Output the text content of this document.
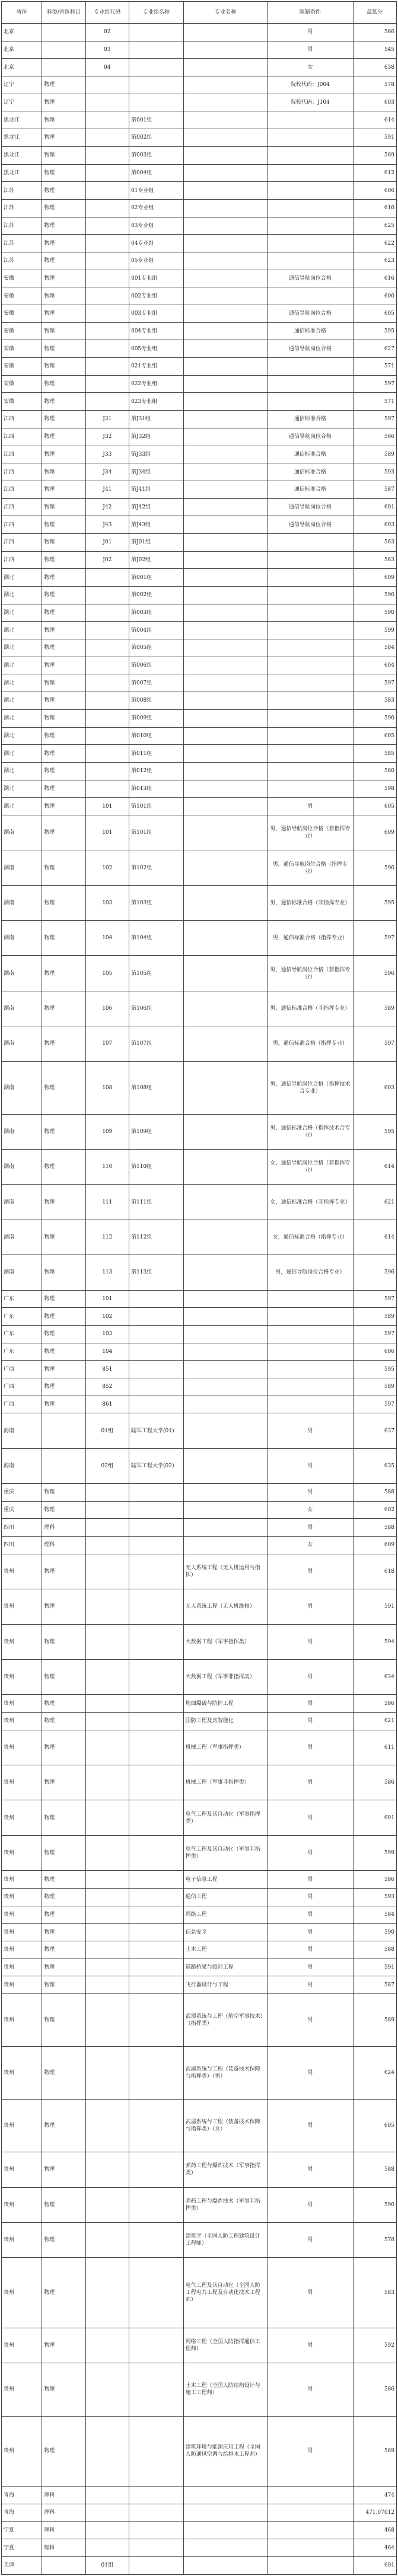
省份	科类/首选科目	专业组代码	专业组名称	专业名称	限制条件	最低分
北京		02			男	566
北京		03			男	545
北京		04			女	638
辽宁	物理				院校代码：J004	578
辽宁	物理				院校代码：J104	603
黑龙江	物理		第001组			614
黑龙江	物理		第002组			591
黑龙江	物理		第003组			569
黑龙江	物理		第004组			612
江苏	物理		01专业组			606
江苏	物理		02专业组			610
江苏	物理		03专业组			625
江苏	物理		04专业组			622
江苏	物理		05专业组			623
安徽	物理		001专业组		通信导航岗位合格	616
安徽	物理		002专业组			600
安徽	物理		003专业组		通信导航岗位合格	605
安徽	物理		004专业组		通信标准合格	595
安徽	物理		005专业组		通信导航岗位合格	627
安徽	物理		021专业组			571
安徽	物理		022专业组			597
安徽	物理		023专业组			571
江西	物理	J31	第J31组		通信标准合格	597
江西	物理	J32	第J32组		通信导航岗位合格	566
江西	物理	J33	第J33组		通信标准合格	589
江西	物理	J34	第J34组		通信标准合格	593
江西	物理	J41	第J41组		通信标准合格	587
江西	物理	J42	第J42组		通信导航岗位合格	601
江西	物理	J43	第J43组		通信导航岗位合格	603
江西	物理	J01	第J01组			563
江西	物理	J02	第J02组			563
湖北	物理		第001组			609
湖北	物理		第002组			596
湖北	物理		第003组			590
湖北	物理		第004组			599
湖北	物理		第005组			584
湖北	物理		第006组			604
湖北	物理		第007组			597
湖北	物理		第008组			583
湖北	物理		第009组			590
湖北	物理		第010组			605
湖北	物理		第011组			585
湖北	物理		第012组			580
湖北	物理		第013组			598
湖北	物理	101	第101组		男	605
湖南	物理	101	第101组		男，通信导航岗位合格（非指挥专业）	609
湖南	物理	102	第102组		男，通信导航岗位合格（指挥专业）	596
湖南	物理	103	第103组		男，通信标准合格（非指挥专业）	595
湖南	物理	104	第104组		男，通信标准合格（指挥专业）	597
湖南	物理	105	第105组		男，通信导航岗位合格（非指挥专业）	596
湖南	物理	106	第106组		男，通信标准合格（非指挥专业）	589
湖南	物理	107	第107组		男，通信标准合格（指挥专业）	597
湖南	物理	108	第108组		男，通信导航岗位合格（指挥技术合专业）	603
湖南	物理	109	第109组		男，通信标准合格（指挥技术合专业）	595
湖南	物理	110	第110组		女，通信导航岗位合格（非指挥专业）	614
湖南	物理	111	第111组		女，通信标准合格（非指挥专业）	621
湖南	物理	112	第112组		女，通信标准合格（指挥专业）	614
湖南	物理	113	第113组		男，通信导航岗位合格专业）	596
广东	物理	101				597
广东	物理	102				589
广东	物理	103				597
广东	物理	104				606
广西	物理	851				595
广西	物理	852				589
广西	物理	861				597
海南		01组	陆军工程大学(01)		男	637
海南		02组	陆军工程大学(02)		男	635
重庆	物理				男	588
重庆	物理				女	602
四川	理科				男	588
四川	理科				女	609
贵州	物理			无人系统工程（无人机运用与指挥）	男	618
贵州	物理			无人系统工程（无人机维修）	男	591
贵州	物理			大数据工程（军事指挥类）	男	594
贵州	物理			大数据工程（军事非指挥类）	男	634
贵州	物理			地面爆破与防护工程	男	586
贵州	物理			国防工程及其智能化	男	621
贵州	物理			机械工程（军事指挥类）	男	611
贵州	物理			机械工程（军事非指挥类）	男	586
贵州	物理			电气工程及其自动化（军事指挥类）	男	601
贵州	物理			电气工程及其自动化（军事非指挥类）	男	599
贵州	物理			电子信息工程	男	586
贵州	物理			通信工程	男	593
贵州	物理			网络工程	男	584
贵州	物理			信息安全	男	590
贵州	物理			土木工程	男	588
贵州	物理			道路桥梁与渡河工程	男	591
贵州	物理			飞行器设计与工程	男	587
贵州	物理			武器系统与工程（航空军事技术）（指挥类）	男	589
贵州	物理			武器系统与工程（装备技术保障与指挥类）（男）	男	624
贵州	物理			武器系统与工程（装备技术保障与指挥类）（女）	男	605
贵州	物理			弹药工程与爆炸技术（军事指挥类）	男	588
贵州	物理			弹药工程与爆炸技术（军事非指挥类）	男	590
贵州	物理			建筑学（全国人防工程建筑设计工程师）	男	578
贵州	物理			电气工程及其自动化（全国人防工程电力工程及自动化技术工程师）	男	583
贵州	物理			网络工程（全国人防指挥通信工程师）	男	592
贵州	物理			土木工程（全国人防结构设计与施工工程师）	男	586
贵州	物理			建筑环境与能源应用工程（全国人防通风空调与给排水工程师）	男	569
青海	理科					474
青海	理科					471.07012
宁夏	理科					468
宁夏	理科					464
天津		01组				601
